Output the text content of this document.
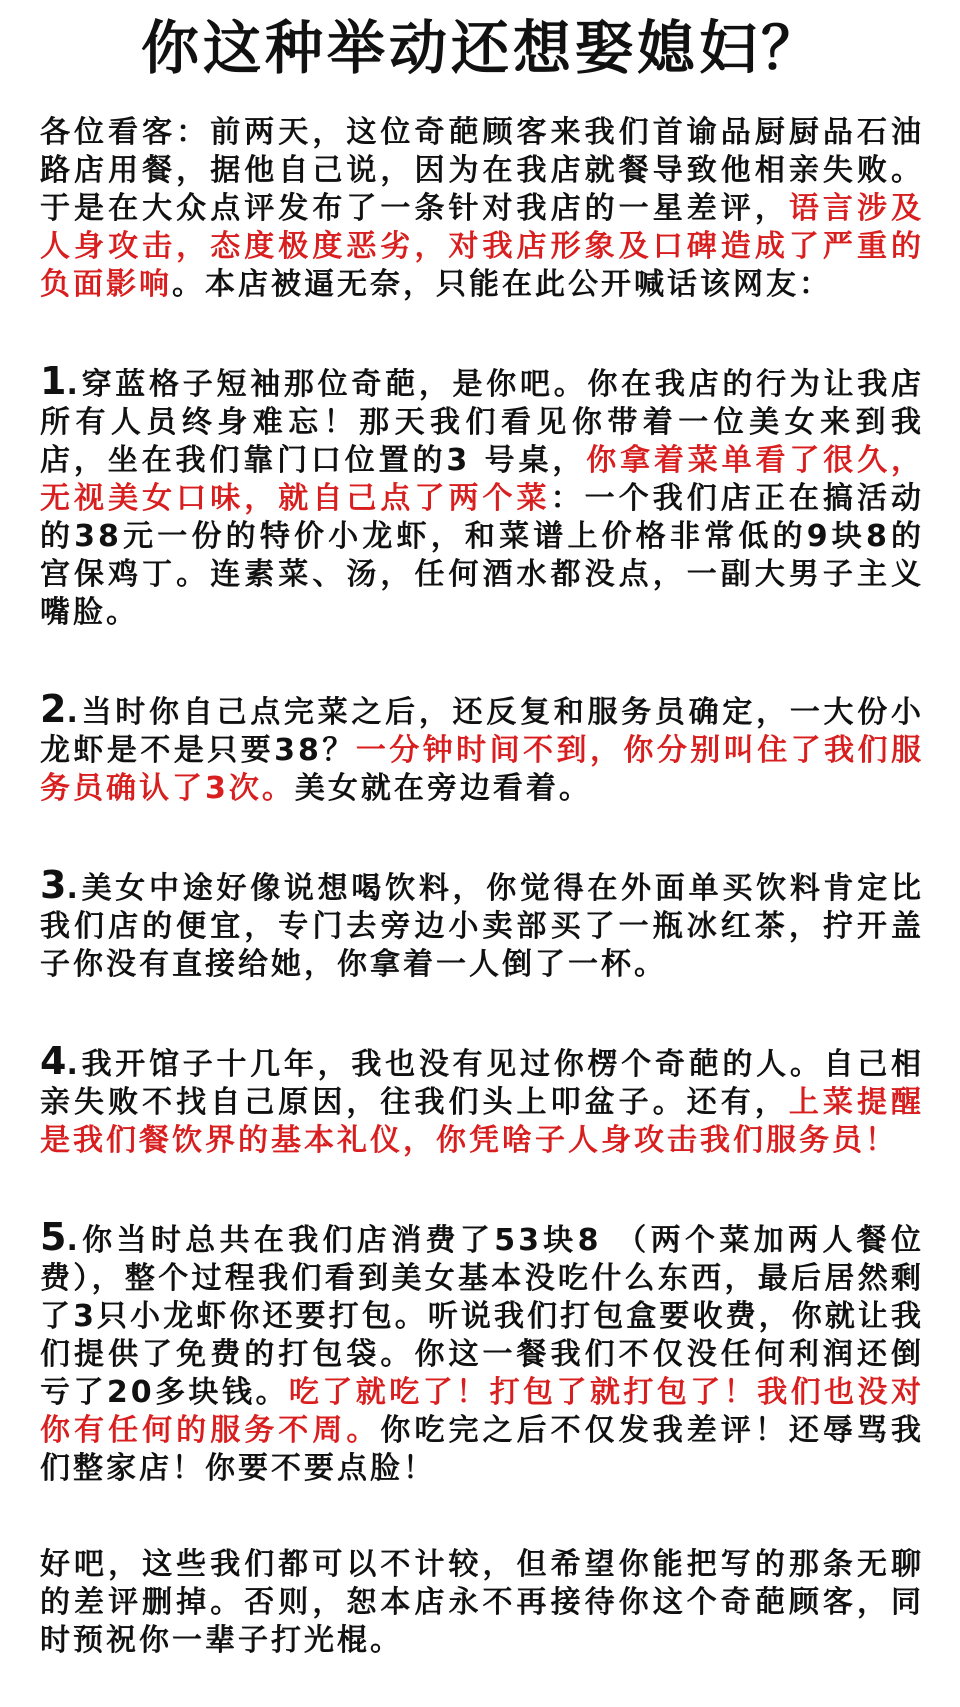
你这种举动还想娶媳妇？

各位看客：前两天，这位奇葩顾客来我们首谕品厨厨品石油路店用餐，据他自己说，因为在我店就餐导致他相亲失败。于是在大众点评发布了一条针对我店的一星差评，语言涉及人身攻击，态度极度恶劣，对我店形象及口碑造成了严重的负面影响。本店被逼无奈，只能在此公开喊话该网友：

1.穿蓝格子短袖那位奇葩，是你吧。你在我店的行为让我店所有人员终身难忘！那天我们看见你带着一位美女来到我店，坐在我们靠门口位置的3 号桌，你拿着菜单看了很久，无视美女口味，就自己点了两个菜：一个我们店正在搞活动的38元一份的特价小龙虾，和菜谱上价格非常低的9块8的宫保鸡丁。连素菜、汤，任何酒水都没点，一副大男子主义嘴脸。

2.当时你自己点完菜之后，还反复和服务员确定，一大份小龙虾是不是只要38？一分钟时间不到，你分别叫住了我们服务员确认了3次。美女就在旁边看着。

3.美女中途好像说想喝饮料，你觉得在外面单买饮料肯定比我们店的便宜，专门去旁边小卖部买了一瓶冰红茶，拧开盖子你没有直接给她，你拿着一人倒了一杯。

4.我开馆子十几年，我也没有见过你楞个奇葩的人。自己相亲失败不找自己原因，往我们头上叩盆子。还有，上菜提醒是我们餐饮界的基本礼仪，你凭啥子人身攻击我们服务员！

5.你当时总共在我们店消费了53块8 （两个菜加两人餐位费），整个过程我们看到美女基本没吃什么东西，最后居然剩了3只小龙虾你还要打包。听说我们打包盒要收费，你就让我们提供了免费的打包袋。你这一餐我们不仅没任何利润还倒亏了20多块钱。吃了就吃了！打包了就打包了！我们也没对你有任何的服务不周。你吃完之后不仅发我差评！还辱骂我们整家店！你要不要点脸！

好吧，这些我们都可以不计较，但希望你能把写的那条无聊的差评删掉。否则，恕本店永不再接待你这个奇葩顾客，同时预祝你一辈子打光棍。
